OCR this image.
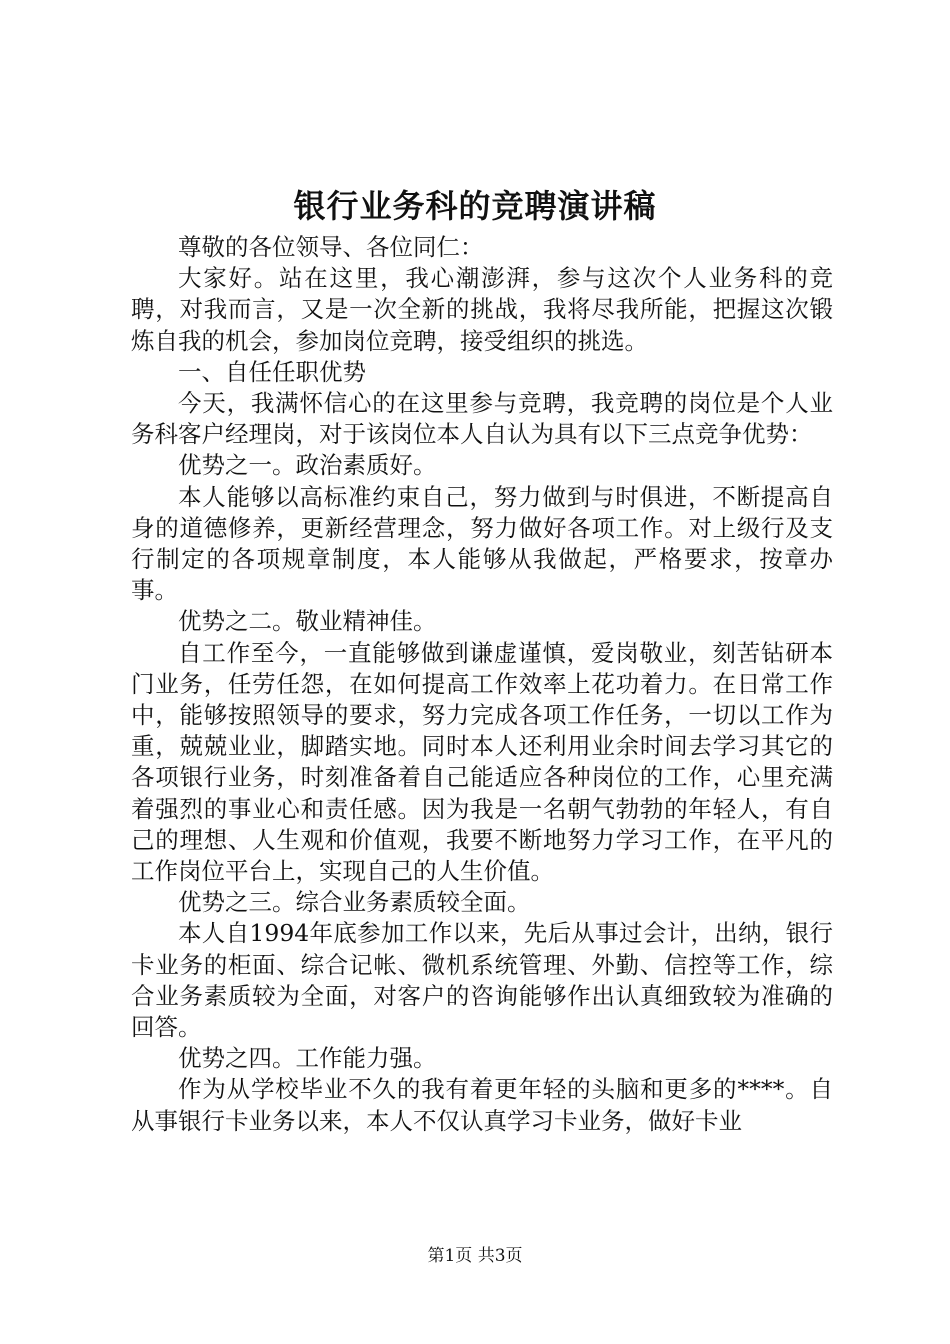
银行业务科的竞聘演讲稿

尊敬的各位领导、各位同仁：

大家好。站在这里，我心潮澎湃，参与这次个人业务科的竞聘，对我而言，又是一次全新的挑战，我将尽我所能，把握这次锻炼自我的机会，参加岗位竞聘，接受组织的挑选。

一、自任任职优势

今天，我满怀信心的在这里参与竞聘，我竞聘的岗位是个人业务科客户经理岗，对于该岗位本人自认为具有以下三点竞争优势：

优势之一。政治素质好。

本人能够以高标准约束自己，努力做到与时俱进，不断提高自身的道德修养，更新经营理念，努力做好各项工作。对上级行及支行制定的各项规章制度，本人能够从我做起，严格要求，按章办事。

优势之二。敬业精神佳。

自工作至今，一直能够做到谦虚谨慎，爱岗敬业，刻苦钻研本门业务，任劳任怨，在如何提高工作效率上花功着力。在日常工作中，能够按照领导的要求，努力完成各项工作任务，一切以工作为重，兢兢业业，脚踏实地。同时本人还利用业余时间去学习其它的各项银行业务，时刻准备着自己能适应各种岗位的工作，心里充满着强烈的事业心和责任感。因为我是一名朝气勃勃的年轻人，有自己的理想、人生观和价值观，我要不断地努力学习工作，在平凡的工作岗位平台上，实现自己的人生价值。

优势之三。综合业务素质较全面。

本人自1994年底参加工作以来，先后从事过会计，出纳，银行卡业务的柜面、综合记帐、微机系统管理、外勤、信控等工作，综合业务素质较为全面，对客户的咨询能够作出认真细致较为准确的回答。

优势之四。工作能力强。

作为从学校毕业不久的我有着更年轻的头脑和更多的****。自从事银行卡业务以来，本人不仅认真学习卡业务，做好卡业

第1页 共3页
